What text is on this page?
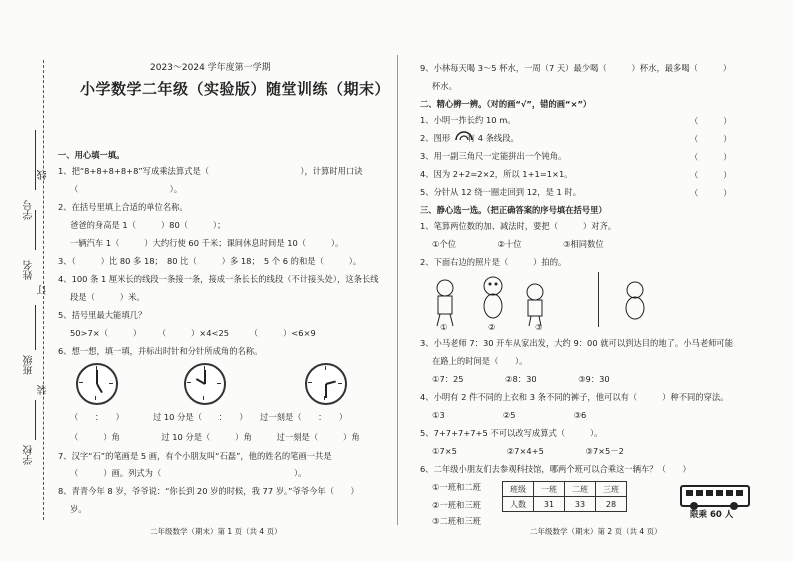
学号
线
姓名
订
班级
装
学校
2023～2024 学年度第一学期
小学数学二年级（实验版）随堂训练（期末）
一、用心填一填。
1、把“8+8+8+8+8”写成乘法算式是（　　　　　　　　　　　），计算时用口诀
（　　　　　　　　　　　）。
2、在括号里填上合适的单位名称。
爸爸的身高是 1（　　　）80（　　　）；
一辆汽车 1（　　　）大约行使 60 千米；课间休息时间是 10（　　　）。
3、（　　　）比 80 多 18；　80 比（　　　）多 18；　5 个 6 的和是（　　　）。
4、100 条 1 厘米长的线段一条接一条，接成一条长长的线段（不计接头处），这条长线
段是（　　　）米。
5、括号里最大能填几？
50>7×（　　　）　　　（　　　）×4<25　　　（　　　）<6×9
6、想一想，填一填，并标出时针和分针所成角的名称。
（　　：　　）　　　　过 10 分是（　　：　　）　　过一刻是（　　：　　）
（　　　）角　　　　　过 10 分是（　　　）角　　　过一刻是（　　　）角
7、汉字“石”的笔画是 5 画，有个小朋友叫“石磊”，他的姓名的笔画一共是
（　　　）画。列式为（　　　　　　　　　　　　　　　　）。
8、青青今年 8 岁，爷爷说：“你长到 20 岁的时候，我 77 岁。”爷爷今年（　　）
岁。
二年级数学（期末）第 1 页（共 4 页）
9、小林每天喝 3～5 杯水，一周（7 天）最少喝（　　　）杯水，最多喝（　　　）
杯水。
二、精心辨一辨。（对的画“√”，错的画“×”）
1、小明一拃长约 10 m。	（　　　）
2、图形　　有 4 条线段。	（　　　）
3、用一副三角尺一定能拼出一个钝角。	（　　　）
4、因为 2+2=2×2，所以 1+1=1×1。	（　　　）
5、分针从 12 绕一圈走回到 12，是 1 时。	（　　　）
三、静心选一选。（把正确答案的序号填在括号里）
1、笔算两位数的加、减法时，要把（　　　）对齐。
①个位　　　　　②十位　　　　　③相同数位
2、下面右边的照片是（　　　）拍的。
①	②	③
3、小马老师 7：30 开车从家出发，大约 9：00 就可以到达目的地了。小马老师可能
在路上的时间是（　　）。
①7：25　　　　　②8：30　　　　　③9：30
4、小明有 2 件不同的上衣和 3 条不同的裤子，他可以有（　　　）种不同的穿法。
①3　　　　　　　②5　　　　　　　③6
5、7+7+7+7+5 不可以改写成算式（　　　）。
①7×5　　　　　　②7×4+5　　　　　③7×5－2
6、二年级小朋友们去参观科技馆，哪两个班可以合乘这一辆车？（　　）
①一班和二班
②一班和三班
③二班和三班
班级	一班	二班	三班
人数	31	33	28
限乘 60 人
二年级数学（期末）第 2 页（共 4 页）
